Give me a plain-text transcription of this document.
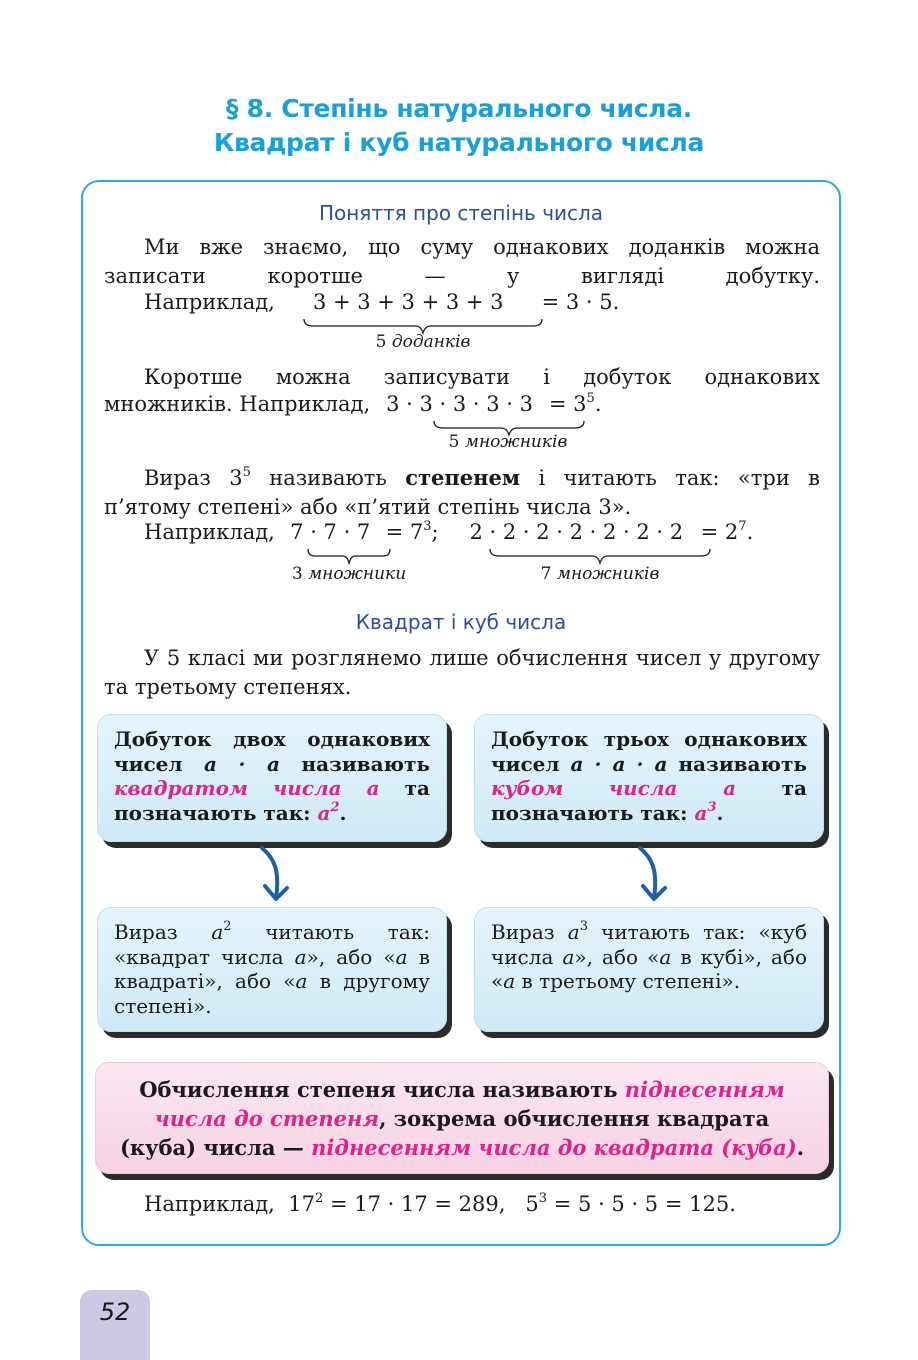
§ 8. Степінь натурального числа.
Квадрат і куб натурального числа
Поняття про степінь числа
Ми вже знаємо, що суму однакових доданків можна записати коротше — у вигляді добутку.
Наприклад, 3 + 3 + 3 + 3 + 3 = 3 · 5.
5 доданків
Коротше можна записувати і добуток однакових
множників. Наприклад, $3 \cdot 3 \cdot 3 \cdot 3 \cdot 3 = 3^5$.
5 множників
Вираз $3^5$ називають степенем і читають так: «три в п’ятому степені» або «п’ятий степінь числа 3».
Наприклад, $7 \cdot 7 \cdot 7 = 7^3$; $2 \cdot 2 \cdot 2 \cdot 2 \cdot 2 \cdot 2 \cdot 2 = 2^7$.
3 множники	7 множників
Квадрат і куб числа
У 5 класі ми розглянемо лише обчислення чисел у другому та третьому степенях.
Добуток двох однакових чисел a · a називають квадратом числа a та позначають так: $a^2$.
Добуток трьох однакових чисел a · a · a називають кубом числа a та позначають так: $a^3$.
Вираз $a^2$ читають так: «квадрат числа a», або «a в квадраті», або «a в другому степені».
Вираз $a^3$ читають так: «куб числа a», або «a в кубі», або «a в третьому степені».
Обчислення степеня числа називають піднесенням числа до степеня, зокрема обчислення квадрата (куба) числа — піднесенням числа до квадрата (куба).
Наприклад, $17^2 = 17 \cdot 17 = 289$, $5^3 = 5 \cdot 5 \cdot 5 = 125$.
52
